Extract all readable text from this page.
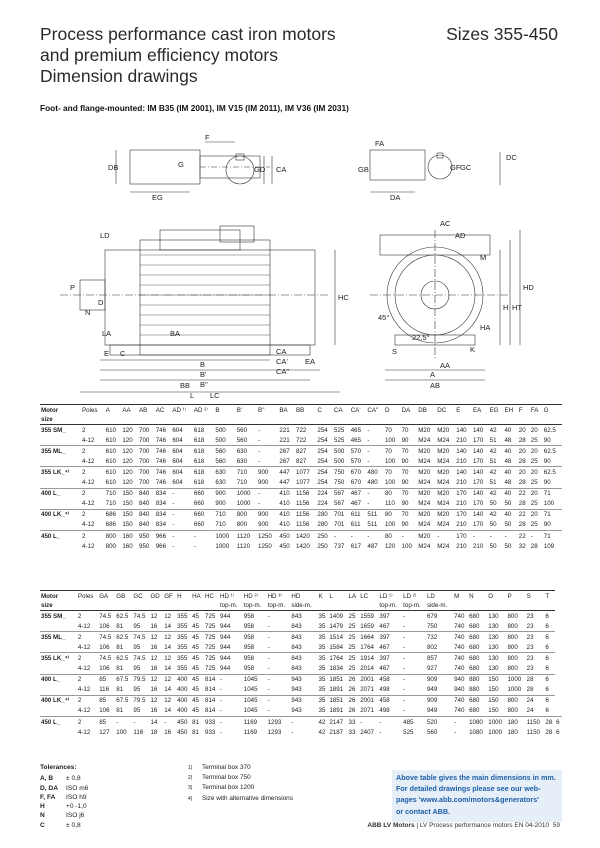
Process performance cast iron motors
and premium efficiency motors
Dimension drawings
Sizes 355-450
Foot- and flange-mounted: IM B35 (IM 2001), IM V15 (IM 2011), IM V36 (IM 2031)
DB
F
G
GD CA
EG
FA
GB	GF GC
DA
DC
LD
P
N
D
HC
LA	BA
E C
B
B'
B''
BB
L LC
CA
CA'
CA''
EA
AC
AD
HD
H HT
HA
K
AA
A
AB
45°
22,5°
S
M
Motor	Poles	A	AA	AB	AC	AD ¹⁾	AD ²⁾	B	B'	B''	BA	BB	C	CA	CA'	CA''	D	DA	DB	DC	E	EA	EG	EH	F	FA	G
size																											
355 SM_	2	610	120	700	746	604	618	500	560	-	221	722	254	525	465	-	70	70	M20	M20	140	140	42	40	20	20	62.5
	4-12	610	120	700	746	604	618	500	560	-	221	722	254	525	465	-	100	90	M24	M24	210	170	51	48	28	25	90
355 ML_	2	610	120	700	746	604	618	560	630	-	267	827	254	500	570	-	70	70	M20	M20	140	140	42	40	20	20	62.5
	4-12	610	120	700	746	604	618	560	630	-	267	827	254	500	570	-	100	90	M24	M24	210	170	51	48	28	25	90
355 LK_⁴⁾	2	610	120	700	746	604	618	630	710	900	447	1077	254	750	670	480	70	70	M20	M20	140	140	42	40	20	20	62.5
	4-12	610	120	700	746	604	618	630	710	900	447	1077	254	750	670	480	100	90	M24	M24	210	170	51	48	28	25	90
400 L_	2	710	150	840	834	-	660	900	1000	-	410	1156	224	567	467	-	80	70	M20	M20	170	140	42	40	22	20	71
	4-12	710	150	840	834	-	660	900	1000	-	410	1156	224	567	467	-	110	90	M24	M24	210	170	50	50	28	25	100
400 LK_⁴⁾	2	686	150	840	834	-	660	710	800	900	410	1156	280	701	611	511	80	70	M20	M20	170	140	42	40	22	20	71
	4-12	686	150	840	834	-	660	710	800	900	410	1156	280	701	611	511	100	90	M24	M24	210	170	50	50	28	25	90
450 L_	2	800	160	950	966	-	-	1000	1120	1250	450	1420	250	-	-	-	80	-	M20	-	170	-	-	-	22	-	71
	4-12	800	160	950	966	-	-	1000	1120	1250	450	1420	250	737	617	487	120	100	M24	M24	210	210	50	50	32	28	109
Motor	Poles	GA	GB	GC	GD	GF	H	HA	HC	HD ¹⁾	HD ²⁾	HD ³⁾	HD	K	L	LA	LC	LD ¹⁾	LD ²⁾	LD	M	N	O	P	S	T	
size										top-m.	top-m.	top-m.	side-m.					top-m.	top-m.	side-m.							
355 SM_	2	74.5	62.5	74.5	12	12	355	45	725	944	958	-	843	35	1409	25	1559	397	-	679	740	680	130	800	23	6	
	4-12	106	81	95	16	14	355	45	725	944	958	-	843	35	1479	25	1659	467	-	750	740	680	130	800	23	6	
355 ML_	2	74.5	62.5	74.5	12	12	355	45	725	944	958	-	843	35	1514	25	1664	397	-	732	740	680	130	800	23	6	
	4-12	106	81	95	16	14	355	45	725	944	958	-	843	35	1584	25	1764	467	-	802	740	680	130	800	23	6	
355 LK_⁴⁾	2	74.5	62.5	74.5	12	12	355	45	725	944	958	-	843	35	1764	25	1914	397	-	857	740	680	130	800	23	6	
	4-12	106	81	95	16	14	355	45	725	944	958	-	843	35	1834	25	2014	467	-	927	740	680	130	800	23	6	
400 L_	2	85	67.5	79.5	12	12	400	45	814	-	1045	-	943	35	1851	26	2001	458	-	909	940	880	150	1000	28	6	
	4-12	116	81	95	16	14	400	45	814	-	1045	-	943	35	1891	26	2071	498	-	949	940	880	150	1000	28	6	
400 LK_⁴⁾	2	85	67.5	79.5	12	12	400	45	814	-	1045	-	943	35	1851	26	2001	458	-	909	740	680	150	800	24	6	
	4-12	106	81	95	16	14	400	45	814	-	1045	-	943	35	1891	26	2071	498	-	949	740	680	150	800	24	6	
450 L_	2	85	-	-	14	-	450	81	933	-	1169	1293	-	42	2147	33	-	-	485	520	-	1080	1000	180	1150	28	6
	4-12	127	100	116	18	16	450	81	933	-	1169	1293	-	42	2187	33	2407	-	525	560	-	1080	1000	180	1150	28	6
Tolerances:
A, B ± 0,8
D, DA ISO m6
F, FA ISO h9
H	+0 -1,0
N	ISO j6
C	± 0,8
1) Terminal box 370
2) Terminal box 750
3) Terminal box 1200
4) Size with alternative dimensions
Above table gives the main dimensions in mm.
For detailed drawings please see our web-
pages 'www.abb.com/motors&generators'
or contact ABB.
ABB LV Motors | LV Process performance motors EN 04-2010 59
